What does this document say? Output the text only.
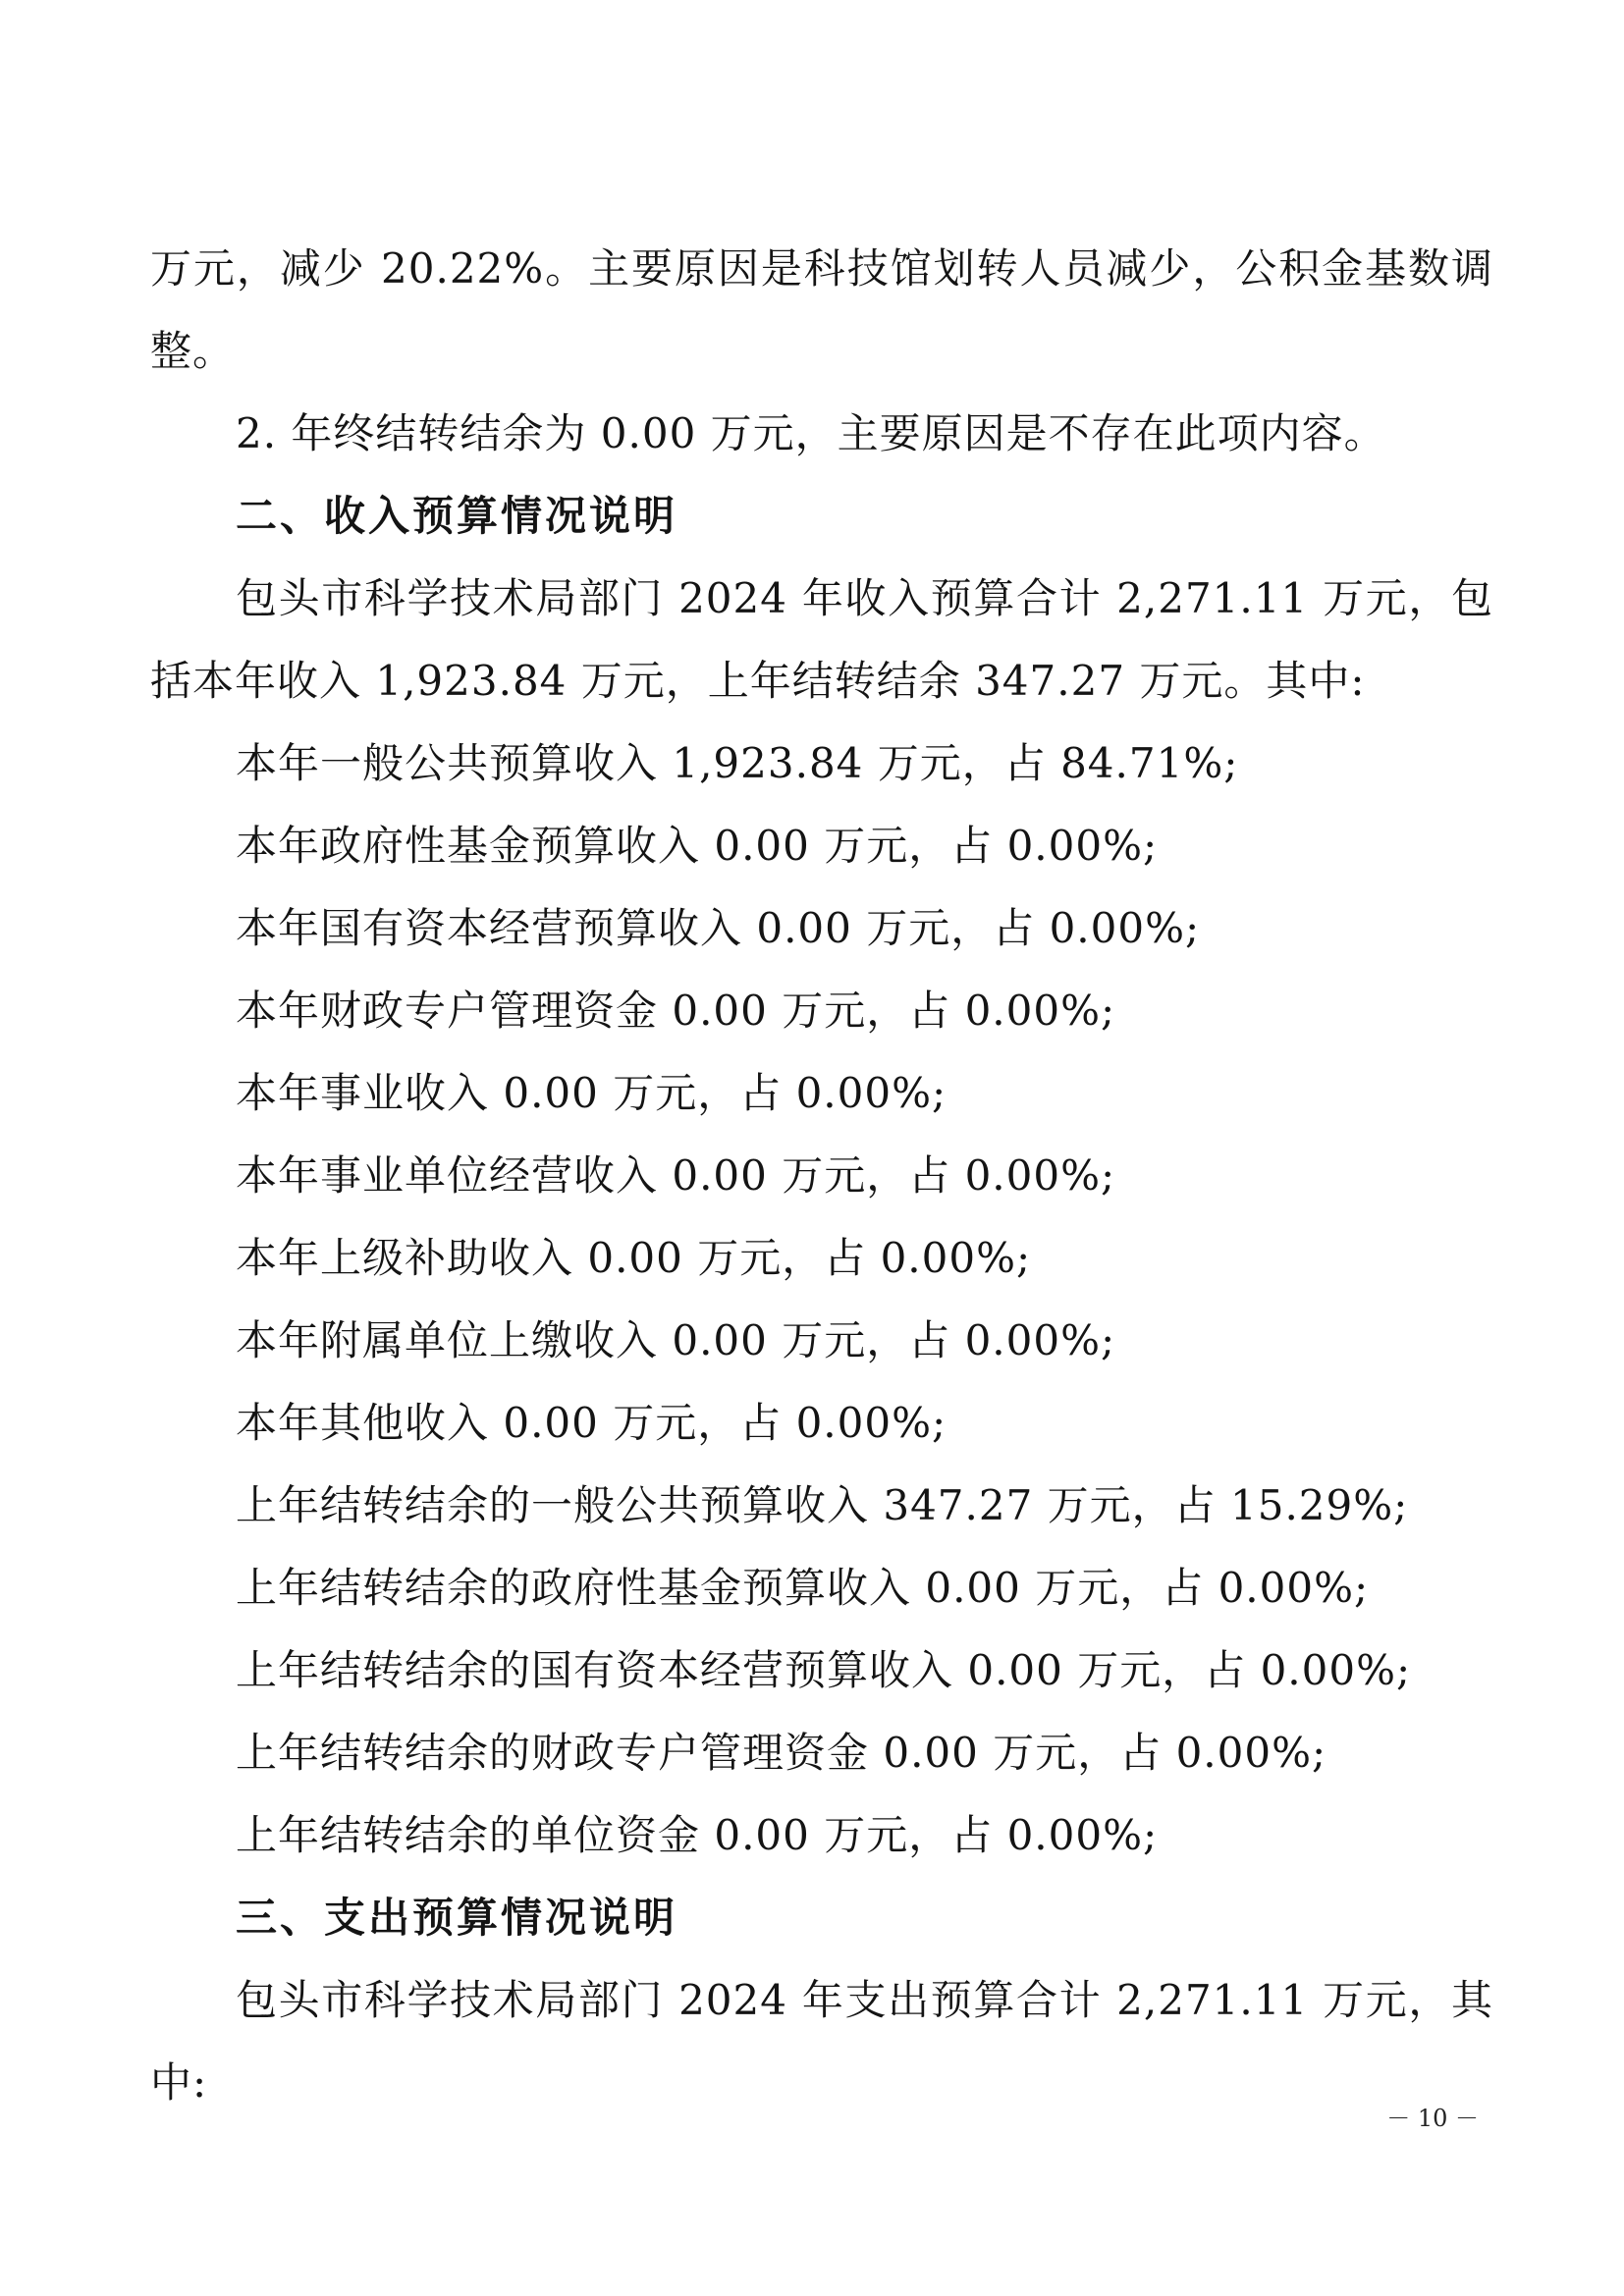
万元，减少 20.22%。主要原因是科技馆划转人员减少，公积金基数调
整。
2. 年终结转结余为 0.00 万元，主要原因是不存在此项内容。
二、收入预算情况说明
包头市科学技术局部门 2024 年收入预算合计 2,271.11 万元，包
括本年收入 1,923.84 万元，上年结转结余 347.27 万元。其中:
本年一般公共预算收入 1,923.84 万元，占 84.71%;
本年政府性基金预算收入 0.00 万元，占 0.00%;
本年国有资本经营预算收入 0.00 万元，占 0.00%;
本年财政专户管理资金 0.00 万元，占 0.00%;
本年事业收入 0.00 万元，占 0.00%;
本年事业单位经营收入 0.00 万元，占 0.00%;
本年上级补助收入 0.00 万元，占 0.00%;
本年附属单位上缴收入 0.00 万元，占 0.00%;
本年其他收入 0.00 万元，占 0.00%;
上年结转结余的一般公共预算收入 347.27 万元，占 15.29%;
上年结转结余的政府性基金预算收入 0.00 万元，占 0.00%;
上年结转结余的国有资本经营预算收入 0.00 万元，占 0.00%;
上年结转结余的财政专户管理资金 0.00 万元，占 0.00%;
上年结转结余的单位资金 0.00 万元，占 0.00%;
三、支出预算情况说明
包头市科学技术局部门 2024 年支出预算合计 2,271.11 万元，其
中:
－ 10 －
